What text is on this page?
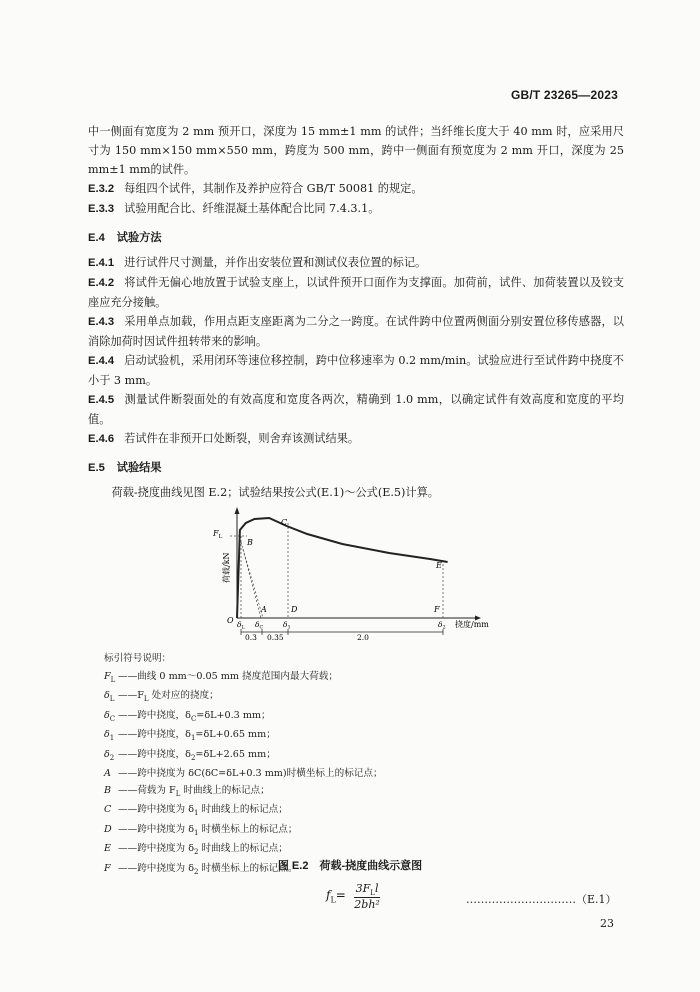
GB/T 23265—2023

中一侧面有宽度为 2 mm 预开口，深度为 15 mm±1 mm 的试件；当纤维长度大于 40 mm 时，应采用尺寸为 150 mm×150 mm×550 mm，跨度为 500 mm，跨中一侧面有预宽度为 2 mm 开口，深度为 25 mm±1 mm的试件。

E.3.2 每组四个试件，其制作及养护应符合 GB/T 50081 的规定。

E.3.3 试验用配合比、纤维混凝土基体配合比同 7.4.3.1。

E.4 试验方法

E.4.1 进行试件尺寸测量，并作出安装位置和测试仪表位置的标记。

E.4.2 将试件无偏心地放置于试验支座上，以试件预开口面作为支撑面。加荷前，试件、加荷装置以及铰支座应充分接触。

E.4.3 采用单点加载，作用点距支座距离为二分之一跨度。在试件跨中位置两侧面分别安置位移传感器，以消除加荷时因试件扭转带来的影响。

E.4.4 启动试验机，采用闭环等速位移控制，跨中位移速率为 0.2 mm/min。试验应进行至试件跨中挠度不小于 3 mm。

E.4.5 测量试件断裂面处的有效高度和宽度各两次，精确到 1.0 mm，以确定试件有效高度和宽度的平均值。

E.4.6 若试件在非预开口处断裂，则舍弃该测试结果。

E.5 试验结果

荷载-挠度曲线见图 E.2；试验结果按公式(E.1)～公式(E.5)计算。

O
B
C
A	D
E
F
$F_L$
荷载/kN
挠度/mm
$\delta_L$ $\delta_C$	$\delta_1$	$\delta_2$
0.3 0.35	2.0
标引符号说明：
$F_L$ ——曲线 0 mm～0.05 mm 挠度范围内最大荷载；
$\delta_L$ $——F_L$ 处对应的挠度；
$\delta_C$ ——跨中挠度，$\delta_C=\delta L+0.3$ mm；
$\delta_1$ ——跨中挠度，$\delta_1=\delta L+0.65$ mm；
$\delta_2$ ——跨中挠度，$\delta_2=\delta L+2.65$ mm；
A ——跨中挠度为 δC(δC=δL+0.3 mm)时横坐标上的标记点；
B ——荷载为 $F_L$ 时曲线上的标记点；
C ——跨中挠度为 $\delta_1$ 时曲线上的标记点；
D ——跨中挠度为 $\delta_1$ 时横坐标上的标记点；
E ——跨中挠度为 $\delta_2$ 时曲线上的标记点；
F ——跨中挠度为 $\delta_2$ 时横坐标上的标记点。
图 E.2　荷载-挠度曲线示意图
$f_L= \frac{3F_Ll}{\text{2bh²}}$	…………………………（E.1）
23
